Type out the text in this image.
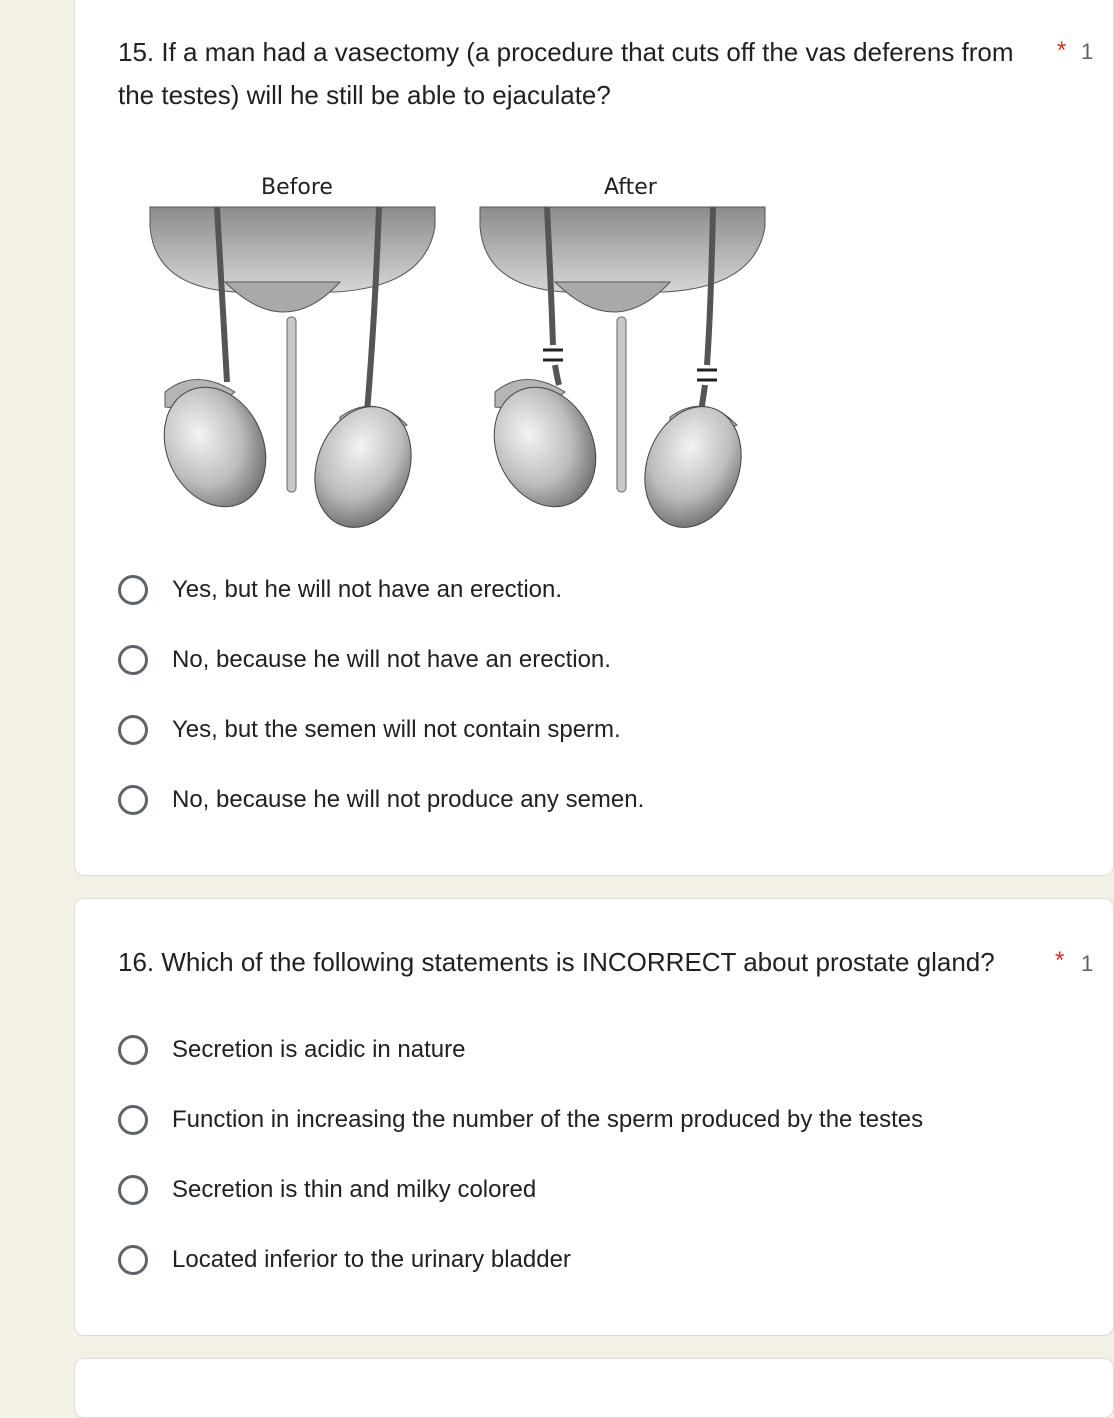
15. If a man had a vasectomy (a procedure that cuts off the vas deferens from the testes) will he still be able to ejaculate?
* 1
Before	After
Yes, but he will not have an erection.
No, because he will not have an erection.
Yes, but the semen will not contain sperm.
No, because he will not produce any semen.
16. Which of the following statements is INCORRECT about prostate gland?	* 1
Secretion is acidic in nature
Function in increasing the number of the sperm produced by the testes
Secretion is thin and milky colored
Located inferior to the urinary bladder
